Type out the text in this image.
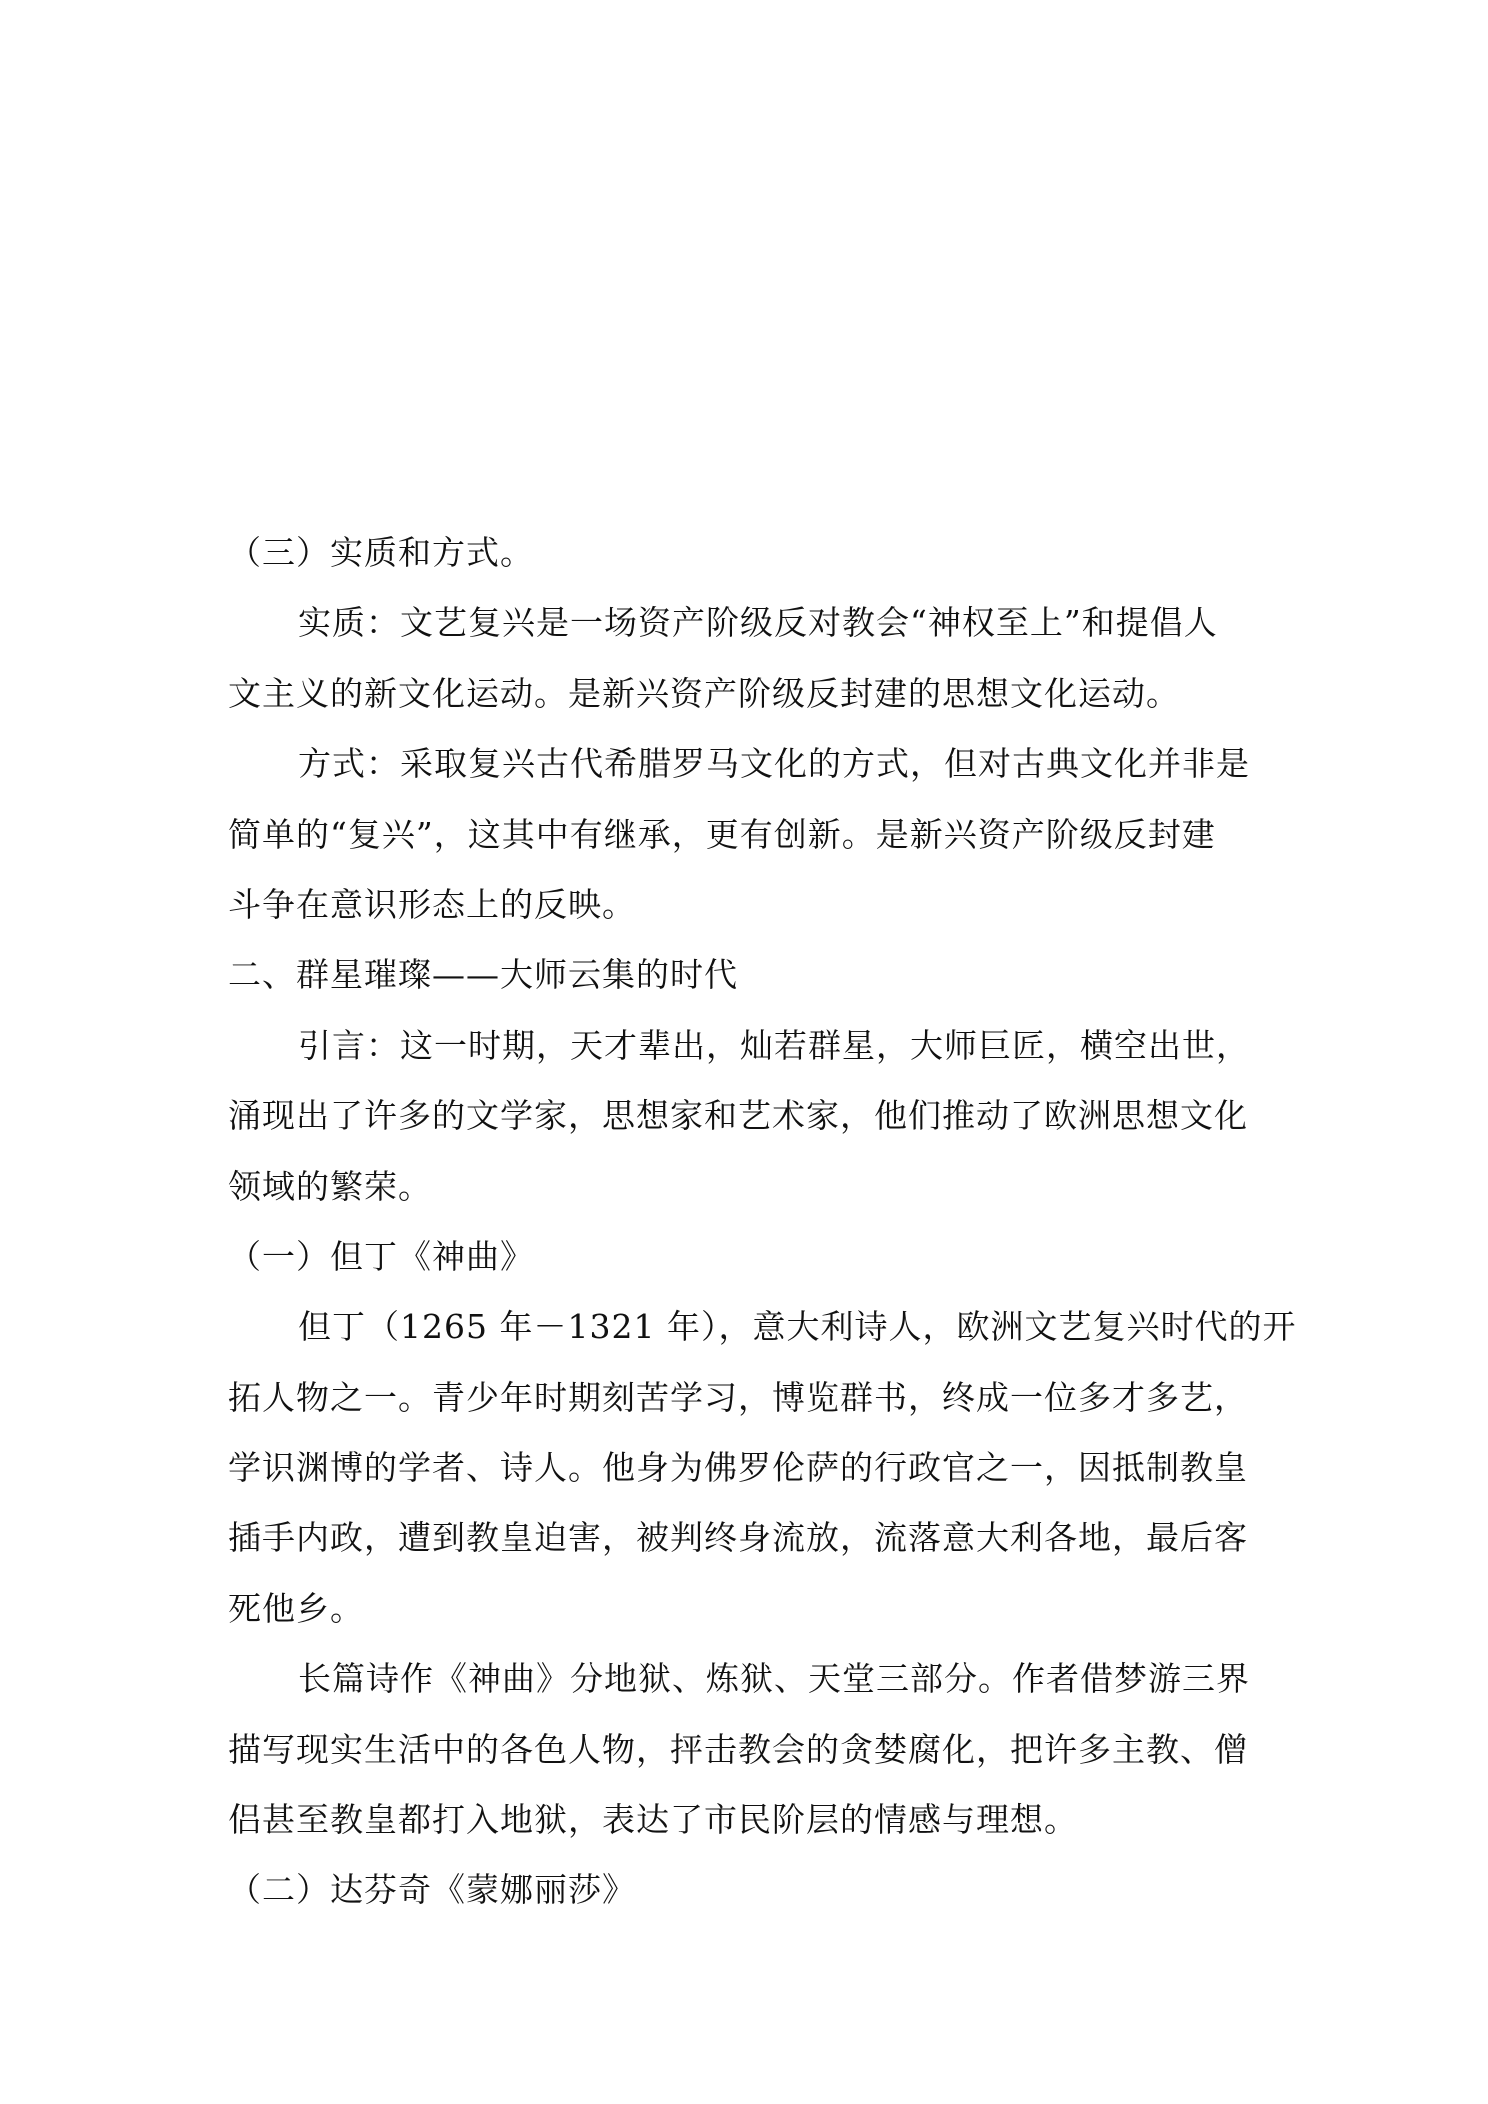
（三）实质和方式。
实质：文艺复兴是一场资产阶级反对教会“神权至上”和提倡人
文主义的新文化运动。是新兴资产阶级反封建的思想文化运动。
方式：采取复兴古代希腊罗马文化的方式，但对古典文化并非是
简单的“复兴”，这其中有继承，更有创新。是新兴资产阶级反封建
斗争在意识形态上的反映。
二、群星璀璨——大师云集的时代
引言：这一时期，天才辈出，灿若群星，大师巨匠，横空出世，
涌现出了许多的文学家，思想家和艺术家，他们推动了欧洲思想文化
领域的繁荣。
（一）但丁《神曲》
但丁（1265 年－1321 年），意大利诗人，欧洲文艺复兴时代的开
拓人物之一。青少年时期刻苦学习，博览群书，终成一位多才多艺，
学识渊博的学者、诗人。他身为佛罗伦萨的行政官之一，因抵制教皇
插手内政，遭到教皇迫害，被判终身流放，流落意大利各地，最后客
死他乡。
长篇诗作《神曲》分地狱、炼狱、天堂三部分。作者借梦游三界
描写现实生活中的各色人物，抨击教会的贪婪腐化，把许多主教、僧
侣甚至教皇都打入地狱，表达了市民阶层的情感与理想。
（二）达芬奇《蒙娜丽莎》
